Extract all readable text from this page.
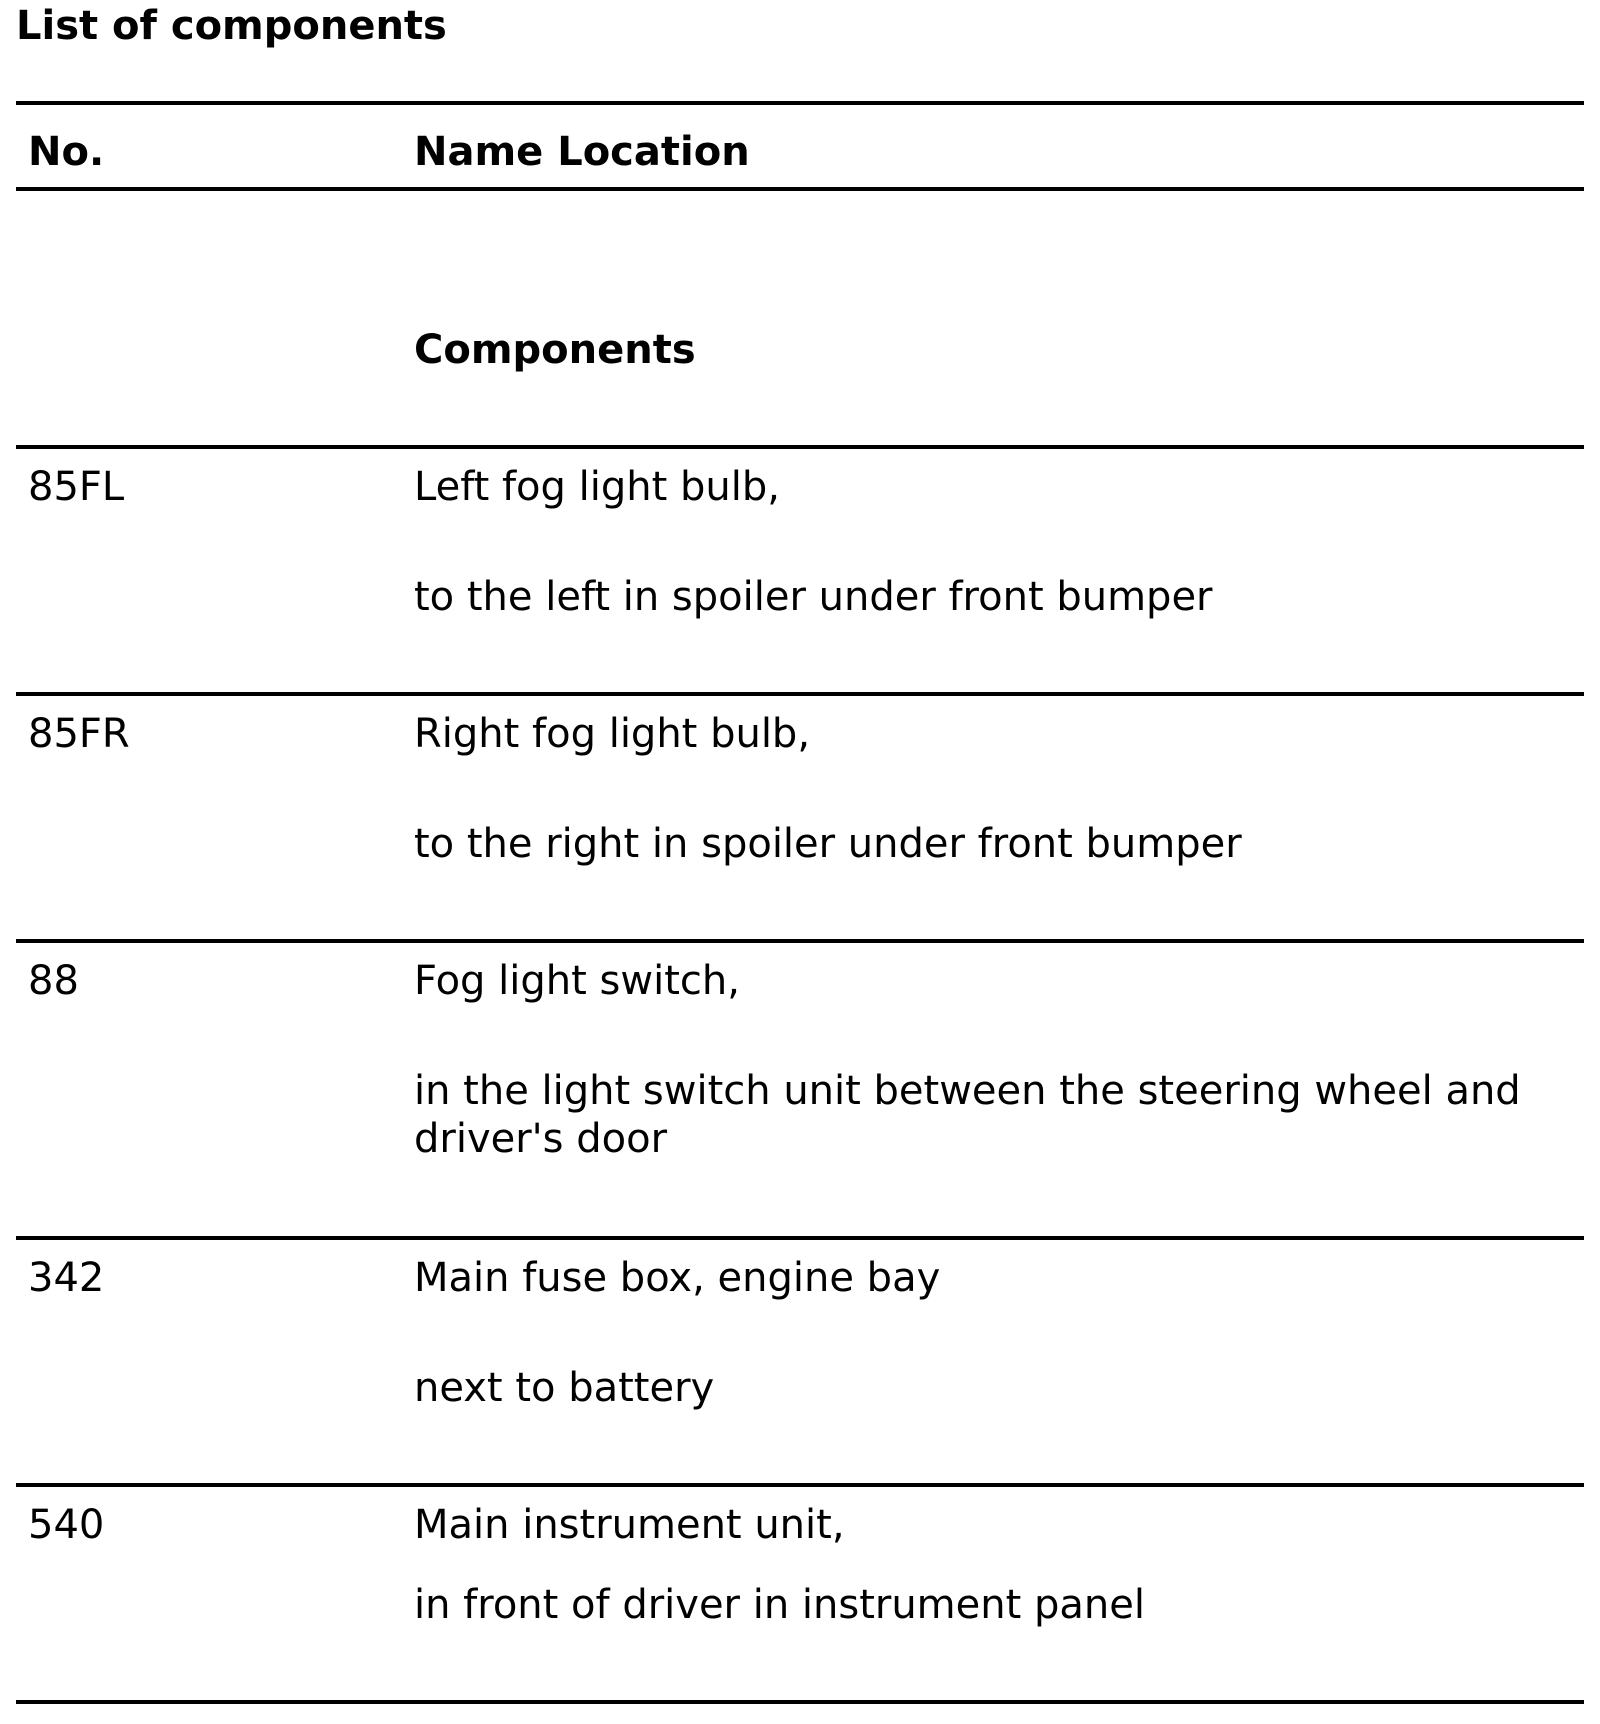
List of components
No.	Name Location
Components
85FL	Left fog light bulb,
to the left in spoiler under front bumper
85FR	Right fog light bulb,
to the right in spoiler under front bumper
88	Fog light switch,
in the light switch unit between the steering wheel and driver's door
342	Main fuse box, engine bay
next to battery
540	Main instrument unit,
in front of driver in instrument panel
